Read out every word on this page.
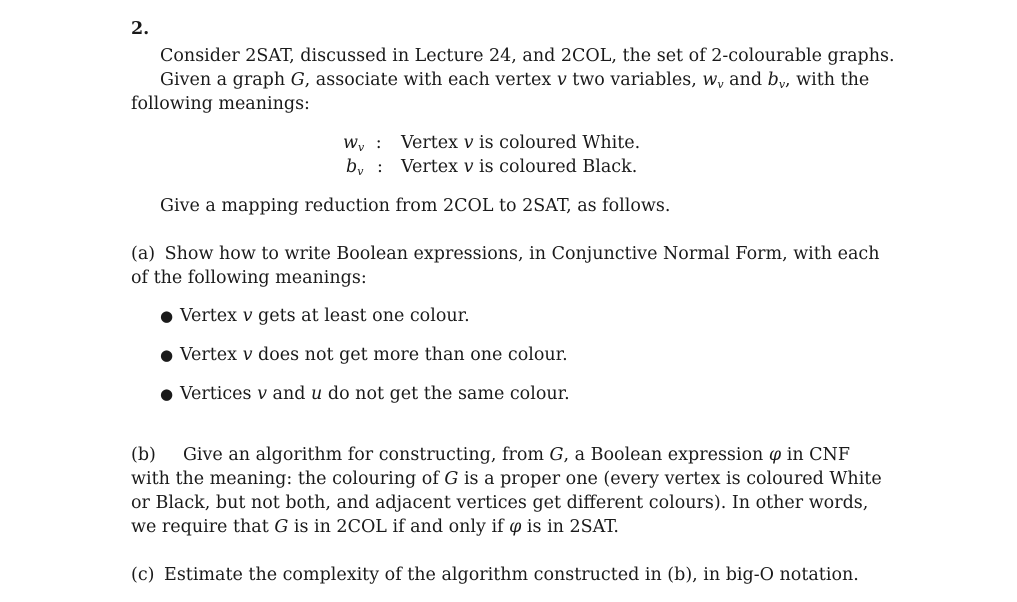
2.
Consider 2SAT, discussed in Lecture 24, and 2COL, the set of 2-colourable graphs.
Given a graph G, associate with each vertex v two variables, $w_v$ and $b_v$, with the
following meanings:
$w_v$ : Vertex v is coloured White.
$b_v$ : Vertex v is coloured Black.
Give a mapping reduction from 2COL to 2SAT, as follows.
(a) Show how to write Boolean expressions, in Conjunctive Normal Form, with each
of the following meanings:
● Vertex v gets at least one colour.
● Vertex v does not get more than one colour.
● Vertices v and u do not get the same colour.
(b) Give an algorithm for constructing, from G, a Boolean expression φ in CNF
with the meaning: the colouring of G is a proper one (every vertex is coloured White
or Black, but not both, and adjacent vertices get different colours). In other words,
we require that G is in 2COL if and only if φ is in 2SAT.
(c) Estimate the complexity of the algorithm constructed in (b), in big-O notation.
